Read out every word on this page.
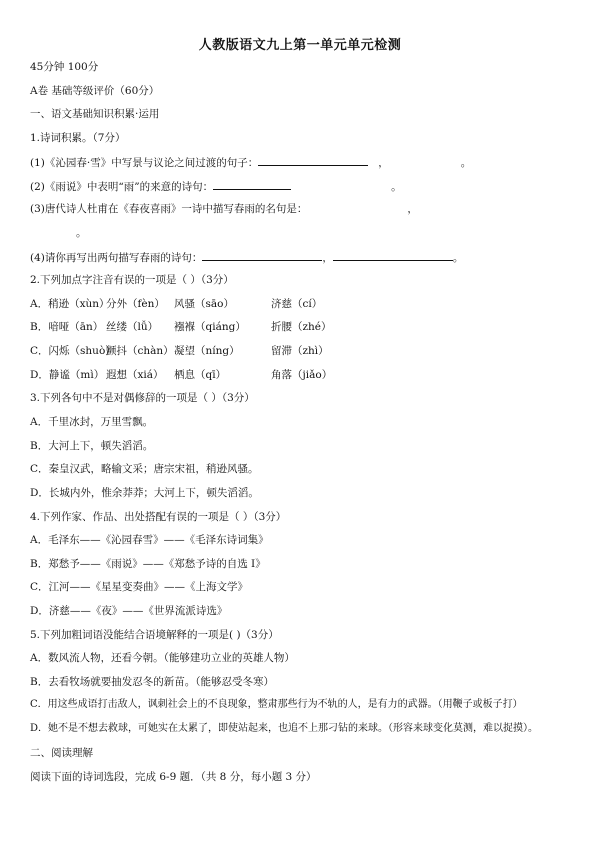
人教版语文九上第一单元单元检测
45分钟 100分
A卷 基础等级评价（60分）
一、语文基础知识积累·运用
1.诗词积累。（7分）
(1)《沁园春·雪》中写景与议论之间过渡的句子：	，	。
(2)《雨说》中表明“雨”的来意的诗句：	。
(3)唐代诗人杜甫在《春夜喜雨》一诗中描写春雨的名句是：	，
。
(4)请你再写出两句描写春雨的诗句：	，	。
2.下列加点字注音有误的一项是（ ）（3分）
A．稍逊（xùn）分外（fèn） 风骚（sāo）	济慈（cí）
B．喑哑（ān） 丝缕（lǚ） 襁褓（qiáng） 折腰（zhé）
C．闪烁（shuò）颤抖（chàn）凝望（níng）	留滞（zhì）
D．静谧（mì） 遐想（xiá） 栖息（qī）	角落（jiǎo）
3.下列各句中不是对偶修辞的一项是（ ）（3分）
A．千里冰封，万里雪飘。
B．大河上下，顿失滔滔。
C．秦皇汉武，略输文采；唐宗宋祖，稍逊风骚。
D．长城内外，惟余莽莽；大河上下，顿失滔滔。
4.下列作家、作品、出处搭配有误的一项是（ ）（3分）
A．毛泽东——《沁园春雪》——《毛泽东诗词集》
B．郑愁予——《雨说》——《郑愁予诗的自选 I》
C．江河——《星星变奏曲》——《上海文学》
D．济慈——《夜》——《世界流派诗选》
5.下列加粗词语没能结合语境解释的一项是( )（3分）
A．数风流人物，还看今朝。（能够建功立业的英雄人物）
B．去看牧场就要抽发忍冬的新苗。（能够忍受冬寒）
C．用这些成语打击敌人，讽刺社会上的不良现象，整肃那些行为不轨的人，是有力的武器。（用鞭子或板子打）
D．她不是不想去救球，可她实在太累了，即使站起来，也追不上那刁钻的来球。（形容来球变化莫测，难以捉摸）。
二、阅读理解
阅读下面的诗词选段，完成 6-9 题．（共 8 分，每小题 3 分）
